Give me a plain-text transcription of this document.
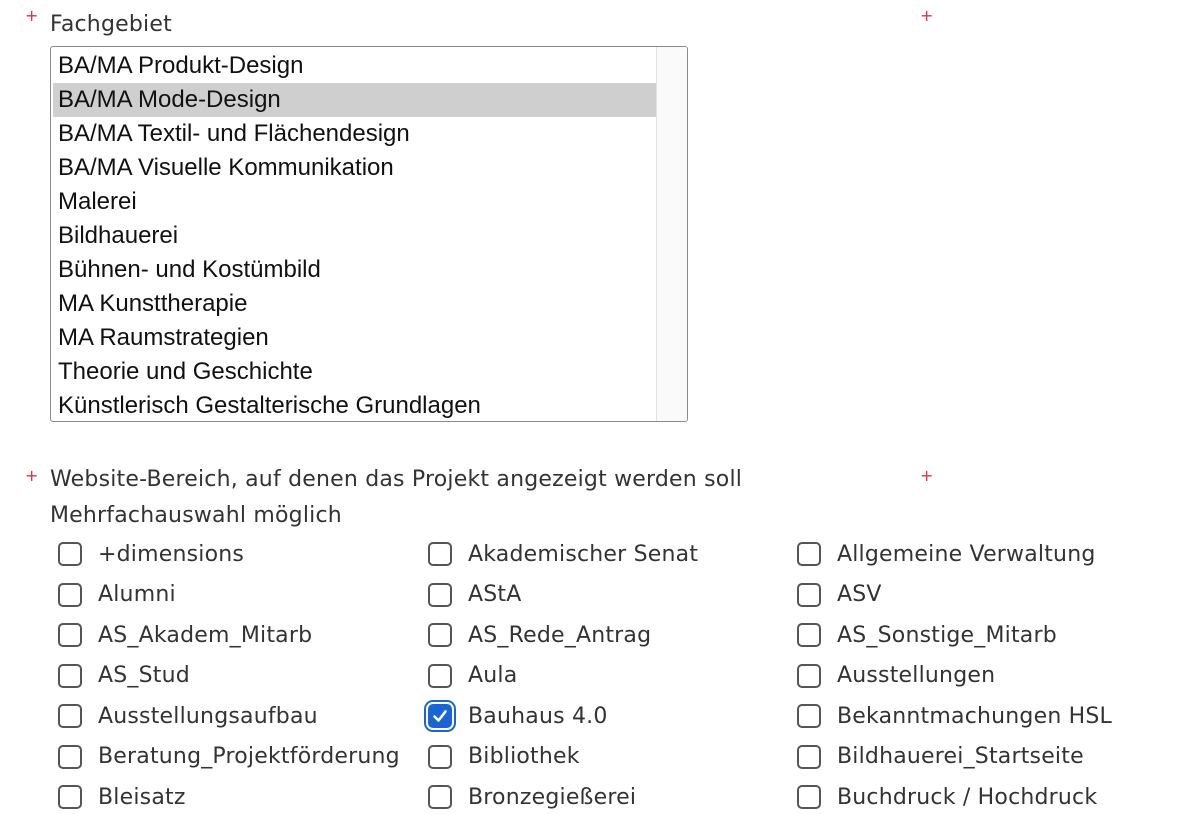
+	+
Fachgebiet
BA/MA Produkt-Design
BA/MA Mode-Design
BA/MA Textil- und Flächendesign
BA/MA Visuelle Kommunikation
Malerei
Bildhauerei
Bühnen- und Kostümbild
MA Kunsttherapie
MA Raumstrategien
Theorie und Geschichte
Künstlerisch Gestalterische Grundlagen
+	+
Website-Bereich, auf denen das Projekt angezeigt werden soll
Mehrfachauswahl möglich
+dimensions
Alumni
AS_Akadem_Mitarb
AS_Stud
Ausstellungsaufbau
Beratung_Projektförderung
Bleisatz
Akademischer Senat
AStA
AS_Rede_Antrag
Aula
Bauhaus 4.0
Bibliothek
Bronzegießerei
Allgemeine Verwaltung
ASV
AS_Sonstige_Mitarb
Ausstellungen
Bekanntmachungen HSL
Bildhauerei_Startseite
Buchdruck / Hochdruck
